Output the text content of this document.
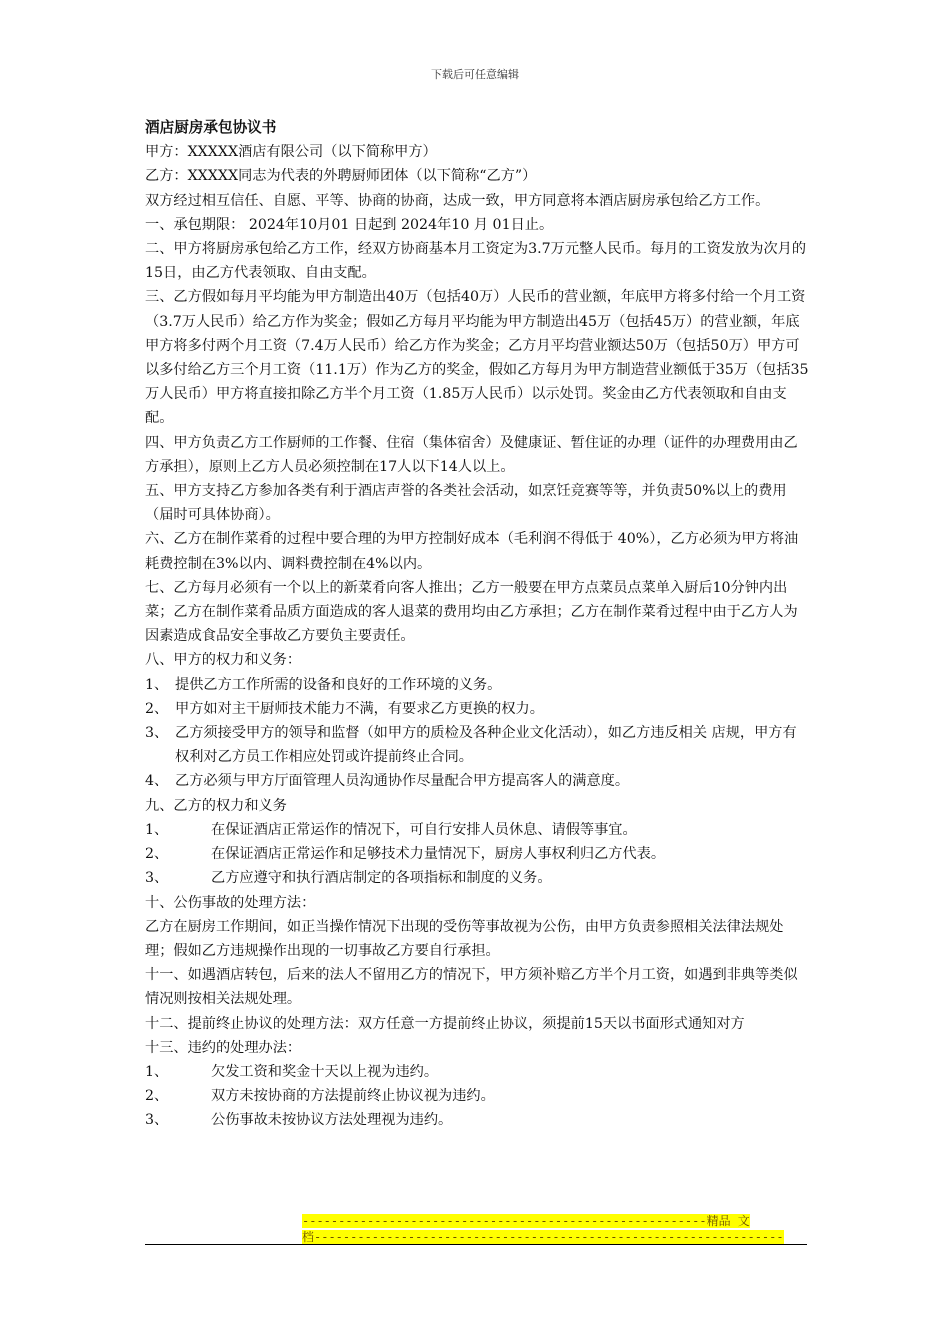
下载后可任意编辑

酒店厨房承包协议书

甲方：XXXXX酒店有限公司（以下简称甲方）

乙方：XXXXX同志为代表的外聘厨师团体（以下简称“乙方”）

双方经过相互信任、自愿、平等、协商的协商，达成一致，甲方同意将本酒店厨房承包给乙方工作。

一、承包期限： 2024年10月01 日起到 2024年10 月 01日止。

二、甲方将厨房承包给乙方工作，经双方协商基本月工资定为3.7万元整人民币。每月的工资发放为次月的15日，由乙方代表领取、自由支配。

三、乙方假如每月平均能为甲方制造出40万（包括40万）人民币的营业额，年底甲方将多付给一个月工资（3.7万人民币）给乙方作为奖金；假如乙方每月平均能为甲方制造出45万（包括45万）的营业额，年底甲方将多付两个月工资（7.4万人民币）给乙方作为奖金；乙方月平均营业额达50万（包括50万）甲方可以多付给乙方三个月工资（11.1万）作为乙方的奖金，假如乙方每月为甲方制造营业额低于35万（包括35万人民币）甲方将直接扣除乙方半个月工资（1.85万人民币）以示处罚。奖金由乙方代表领取和自由支配。

四、甲方负责乙方工作厨师的工作餐、住宿（集体宿舍）及健康证、暂住证的办理（证件的办理费用由乙方承担），原则上乙方人员必须控制在17人以下14人以上。

五、甲方支持乙方参加各类有利于酒店声誉的各类社会活动，如烹饪竞赛等等，并负责50%以上的费用（届时可具体协商）。

六、乙方在制作菜肴的过程中要合理的为甲方控制好成本（毛利润不得低于 40%），乙方必须为甲方将油耗费控制在3%以内、调料费控制在4%以内。

七、乙方每月必须有一个以上的新菜肴向客人推出；乙方一般要在甲方点菜员点菜单入厨后10分钟内出菜；乙方在制作菜肴品质方面造成的客人退菜的费用均由乙方承担；乙方在制作菜肴过程中由于乙方人为因素造成食品安全事故乙方要负主要责任。

八、甲方的权力和义务：

1、 提供乙方工作所需的设备和良好的工作环境的义务。
2、 甲方如对主干厨师技术能力不满，有要求乙方更换的权力。
3、 乙方须接受甲方的领导和监督（如甲方的质检及各种企业文化活动），如乙方违反相关 店规，甲方有权利对乙方员工作相应处罚或许提前终止合同。
4、 乙方必须与甲方厅面管理人员沟通协作尽量配合甲方提高客人的满意度。

九、乙方的权力和义务

1、	在保证酒店正常运作的情况下，可自行安排人员休息、请假等事宜。
2、	在保证酒店正常运作和足够技术力量情况下，厨房人事权利归乙方代表。
3、	乙方应遵守和执行酒店制定的各项指标和制度的义务。

十、公伤事故的处理方法：

乙方在厨房工作期间，如正当操作情况下出现的受伤等事故视为公伤，由甲方负责参照相关法律法规处理；假如乙方违规操作出现的一切事故乙方要自行承担。

十一、如遇酒店转包，后来的法人不留用乙方的情况下，甲方须补赔乙方半个月工资，如遇到非典等类似情况则按相关法规处理。

十二、提前终止协议的处理方法：双方任意一方提前终止协议，须提前15天以书面形式通知对方

十三、违约的处理办法：

1、	欠发工资和奖金十天以上视为违约。
2、	双方未按协商的方法提前终止协议视为违约。
3、	公伤事故未按协议方法处理视为违约。
--------------------------------------------------------精品 文
档-----------------------------------------------------------------
